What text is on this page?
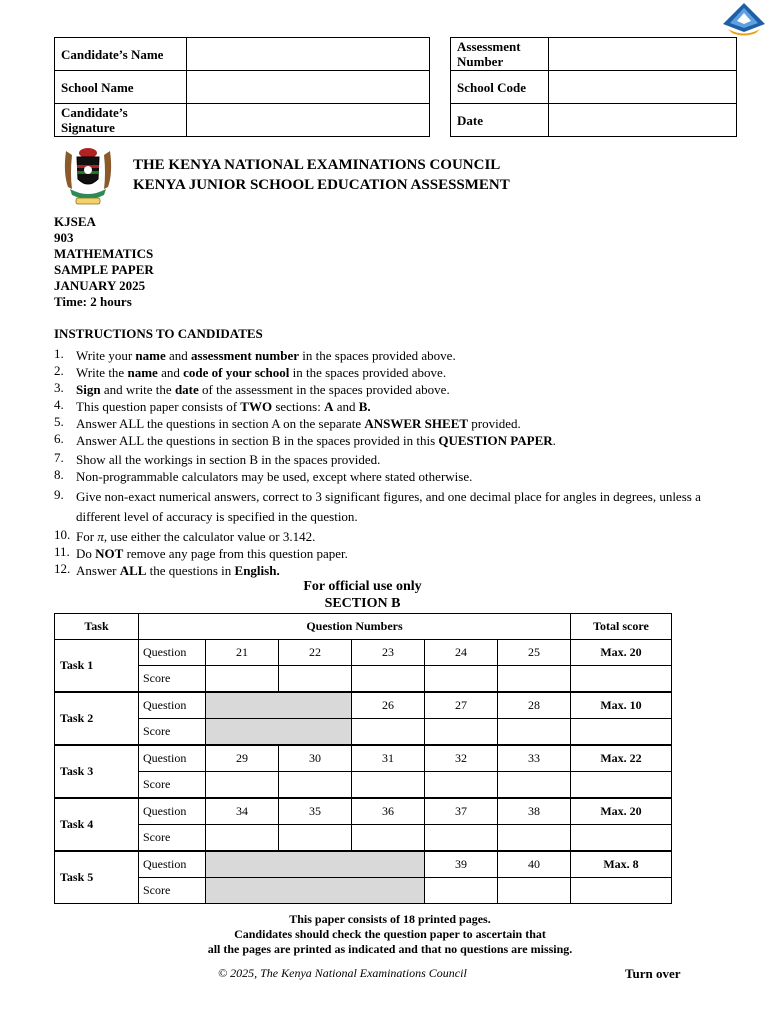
Candidate’s Name	
School Name	
Candidate’s Signature	
Assessment Number	
School Code	
Date	
THE KENYA NATIONAL EXAMINATIONS COUNCIL
KENYA JUNIOR SCHOOL EDUCATION ASSESSMENT
KJSEA
903
MATHEMATICS
SAMPLE PAPER
JANUARY 2025
Time: 2 hours
INSTRUCTIONS TO CANDIDATES
1. Write your name and assessment number in the spaces provided above.
2. Write the name and code of your school in the spaces provided above.
3. Sign and write the date of the assessment in the spaces provided above.
4. This question paper consists of TWO sections: A and B.
5. Answer ALL the questions in section A on the separate ANSWER SHEET provided.
6. Answer ALL the questions in section B in the spaces provided in this QUESTION PAPER.
7. Show all the workings in section B in the spaces provided.
8. Non-programmable calculators may be used, except where stated otherwise.
9. Give non-exact numerical answers, correct to 3 significant figures, and one decimal place for angles in degrees, unless a different level of accuracy is specified in the question.
10. For π, use either the calculator value or 3.142.
11. Do NOT remove any page from this question paper.
12. Answer ALL the questions in English.
For official use only
SECTION B
Task	Question Numbers						Total score
Task 1	Question	21	22	23	24	25	Max. 20
	Score						
Task 2	Question			26	27	28	Max. 10
	Score						
Task 3	Question	29	30	31	32	33	Max. 22
	Score						
Task 4	Question	34	35	36	37	38	Max. 20
	Score						
Task 5	Question				39	40	Max. 8
	Score						
This paper consists of 18 printed pages.
Candidates should check the question paper to ascertain that
all the pages are printed as indicated and that no questions are missing.
© 2025, The Kenya National Examinations Council	Turn over
